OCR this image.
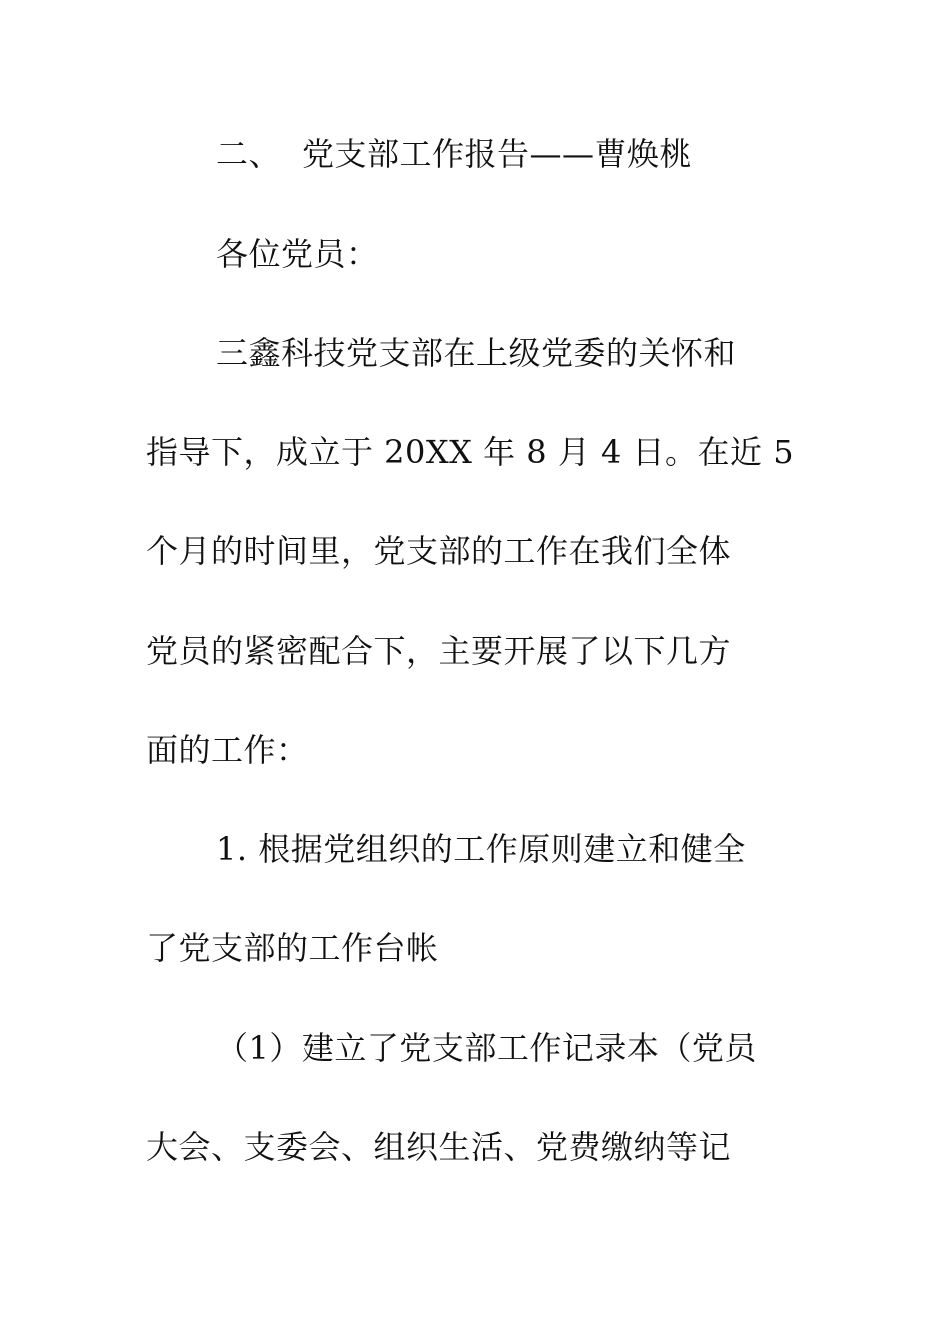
二、 党支部工作报告——曹焕桃
各位党员：
三鑫科技党支部在上级党委的关怀和
指导下，成立于 20XX 年 8 月 4 日。在近 5
个月的时间里，党支部的工作在我们全体
党员的紧密配合下，主要开展了以下几方
面的工作：
1. 根据党组织的工作原则建立和健全
了党支部的工作台帐
（1）建立了党支部工作记录本（党员
大会、支委会、组织生活、党费缴纳等记
